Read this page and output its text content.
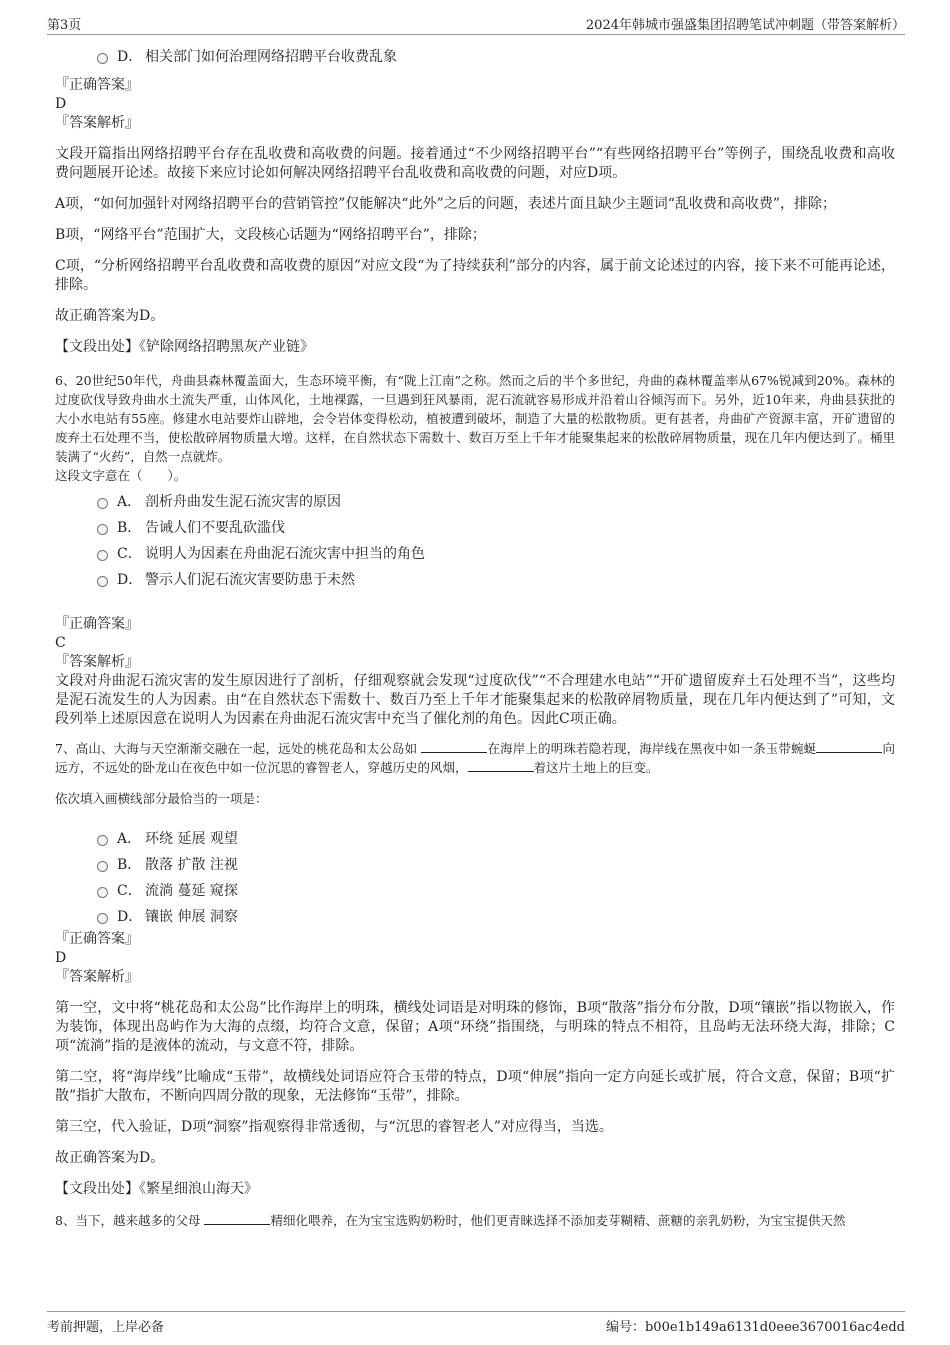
第3页	2024年韩城市强盛集团招聘笔试冲刺题（带答案解析）
D． 相关部门如何治理网络招聘平台收费乱象
『正确答案』
D
『答案解析』

文段开篇指出网络招聘平台存在乱收费和高收费的问题。接着通过“不少网络招聘平台”“有些网络招聘平台”等例子，围绕乱收费和高收费问题展开论述。故接下来应讨论如何解决网络招聘平台乱收费和高收费的问题，对应D项。

A项，“如何加强针对网络招聘平台的营销管控”仅能解决“此外”之后的问题，表述片面且缺少主题词“乱收费和高收费”，排除；

B项，“网络平台”范围扩大，文段核心话题为“网络招聘平台”，排除；

C项，“分析网络招聘平台乱收费和高收费的原因”对应文段“为了持续获利”部分的内容，属于前文论述过的内容，接下来不可能再论述，排除。

故正确答案为D。

【文段出处】《铲除网络招聘黑灰产业链》

6、20世纪50年代，舟曲县森林覆盖面大，生态环境平衡，有“陇上江南”之称。然而之后的半个多世纪，舟曲的森林覆盖率从67%锐减到20%。森林的过度砍伐导致舟曲水土流失严重，山体风化，土地裸露，一旦遇到狂风暴雨，泥石流就容易形成并沿着山谷倾泻而下。另外，近10年来，舟曲县获批的大小水电站有55座。修建水电站要炸山辟地，会令岩体变得松动，植被遭到破坏，制造了大量的松散物质。更有甚者，舟曲矿产资源丰富，开矿遗留的废弃土石处理不当，使松散碎屑物质量大增。这样，在自然状态下需数十、数百万至上千年才能聚集起来的松散碎屑物质量，现在几年内便达到了。桶里装满了“火药”，自然一点就炸。

这段文字意在（　　）。

A． 剖析舟曲发生泥石流灾害的原因
B． 告诫人们不要乱砍滥伐
C． 说明人为因素在舟曲泥石流灾害中担当的角色
D． 警示人们泥石流灾害要防患于未然
『正确答案』
C
『答案解析』

文段对舟曲泥石流灾害的发生原因进行了剖析，仔细观察就会发现“过度砍伐”“不合理建水电站”“开矿遗留废弃土石处理不当”，这些均是泥石流发生的人为因素。由“在自然状态下需数十、数百乃至上千年才能聚集起来的松散碎屑物质量，现在几年内便达到了”可知，文段列举上述原因意在说明人为因素在舟曲泥石流灾害中充当了催化剂的角色。因此C项正确。

7、高山、大海与天空渐渐交融在一起，远处的桃花岛和太公岛如	在海岸上的明珠若隐若现，海岸线在黑夜中如一条玉带蜿蜒	向远方，不远处的卧龙山在夜色中如一位沉思的睿智老人，穿越历史的风烟，	着这片土地上的巨变。

依次填入画横线部分最恰当的一项是：

A． 环绕 延展 观望
B． 散落 扩散 注视
C． 流淌 蔓延 窥探
D． 镶嵌 伸展 洞察
『正确答案』
D
『答案解析』

第一空，文中将“桃花岛和太公岛”比作海岸上的明珠，横线处词语是对明珠的修饰，B项“散落”指分布分散，D项“镶嵌”指以物嵌入，作为装饰，体现出岛屿作为大海的点缀，均符合文意，保留；A项“环绕”指围绕，与明珠的特点不相符，且岛屿无法环绕大海，排除；C项“流淌”指的是液体的流动，与文意不符，排除。

第二空，将“海岸线”比喻成“玉带”，故横线处词语应符合玉带的特点，D项“伸展”指向一定方向延长或扩展，符合文意，保留；B项“扩散”指扩大散布，不断向四周分散的现象，无法修饰“玉带”，排除。

第三空，代入验证，D项“洞察”指观察得非常透彻，与“沉思的睿智老人”对应得当，当选。

故正确答案为D。

【文段出处】《繁星细浪山海天》

8、当下，越来越多的父母	精细化喂养，在为宝宝选购奶粉时，他们更青睐选择不添加麦芽糊精、蔗糖的亲乳奶粉，为宝宝提供天然

考前押题，上岸必备	编号：b00e1b149a6131d0eee3670016ac4edd
